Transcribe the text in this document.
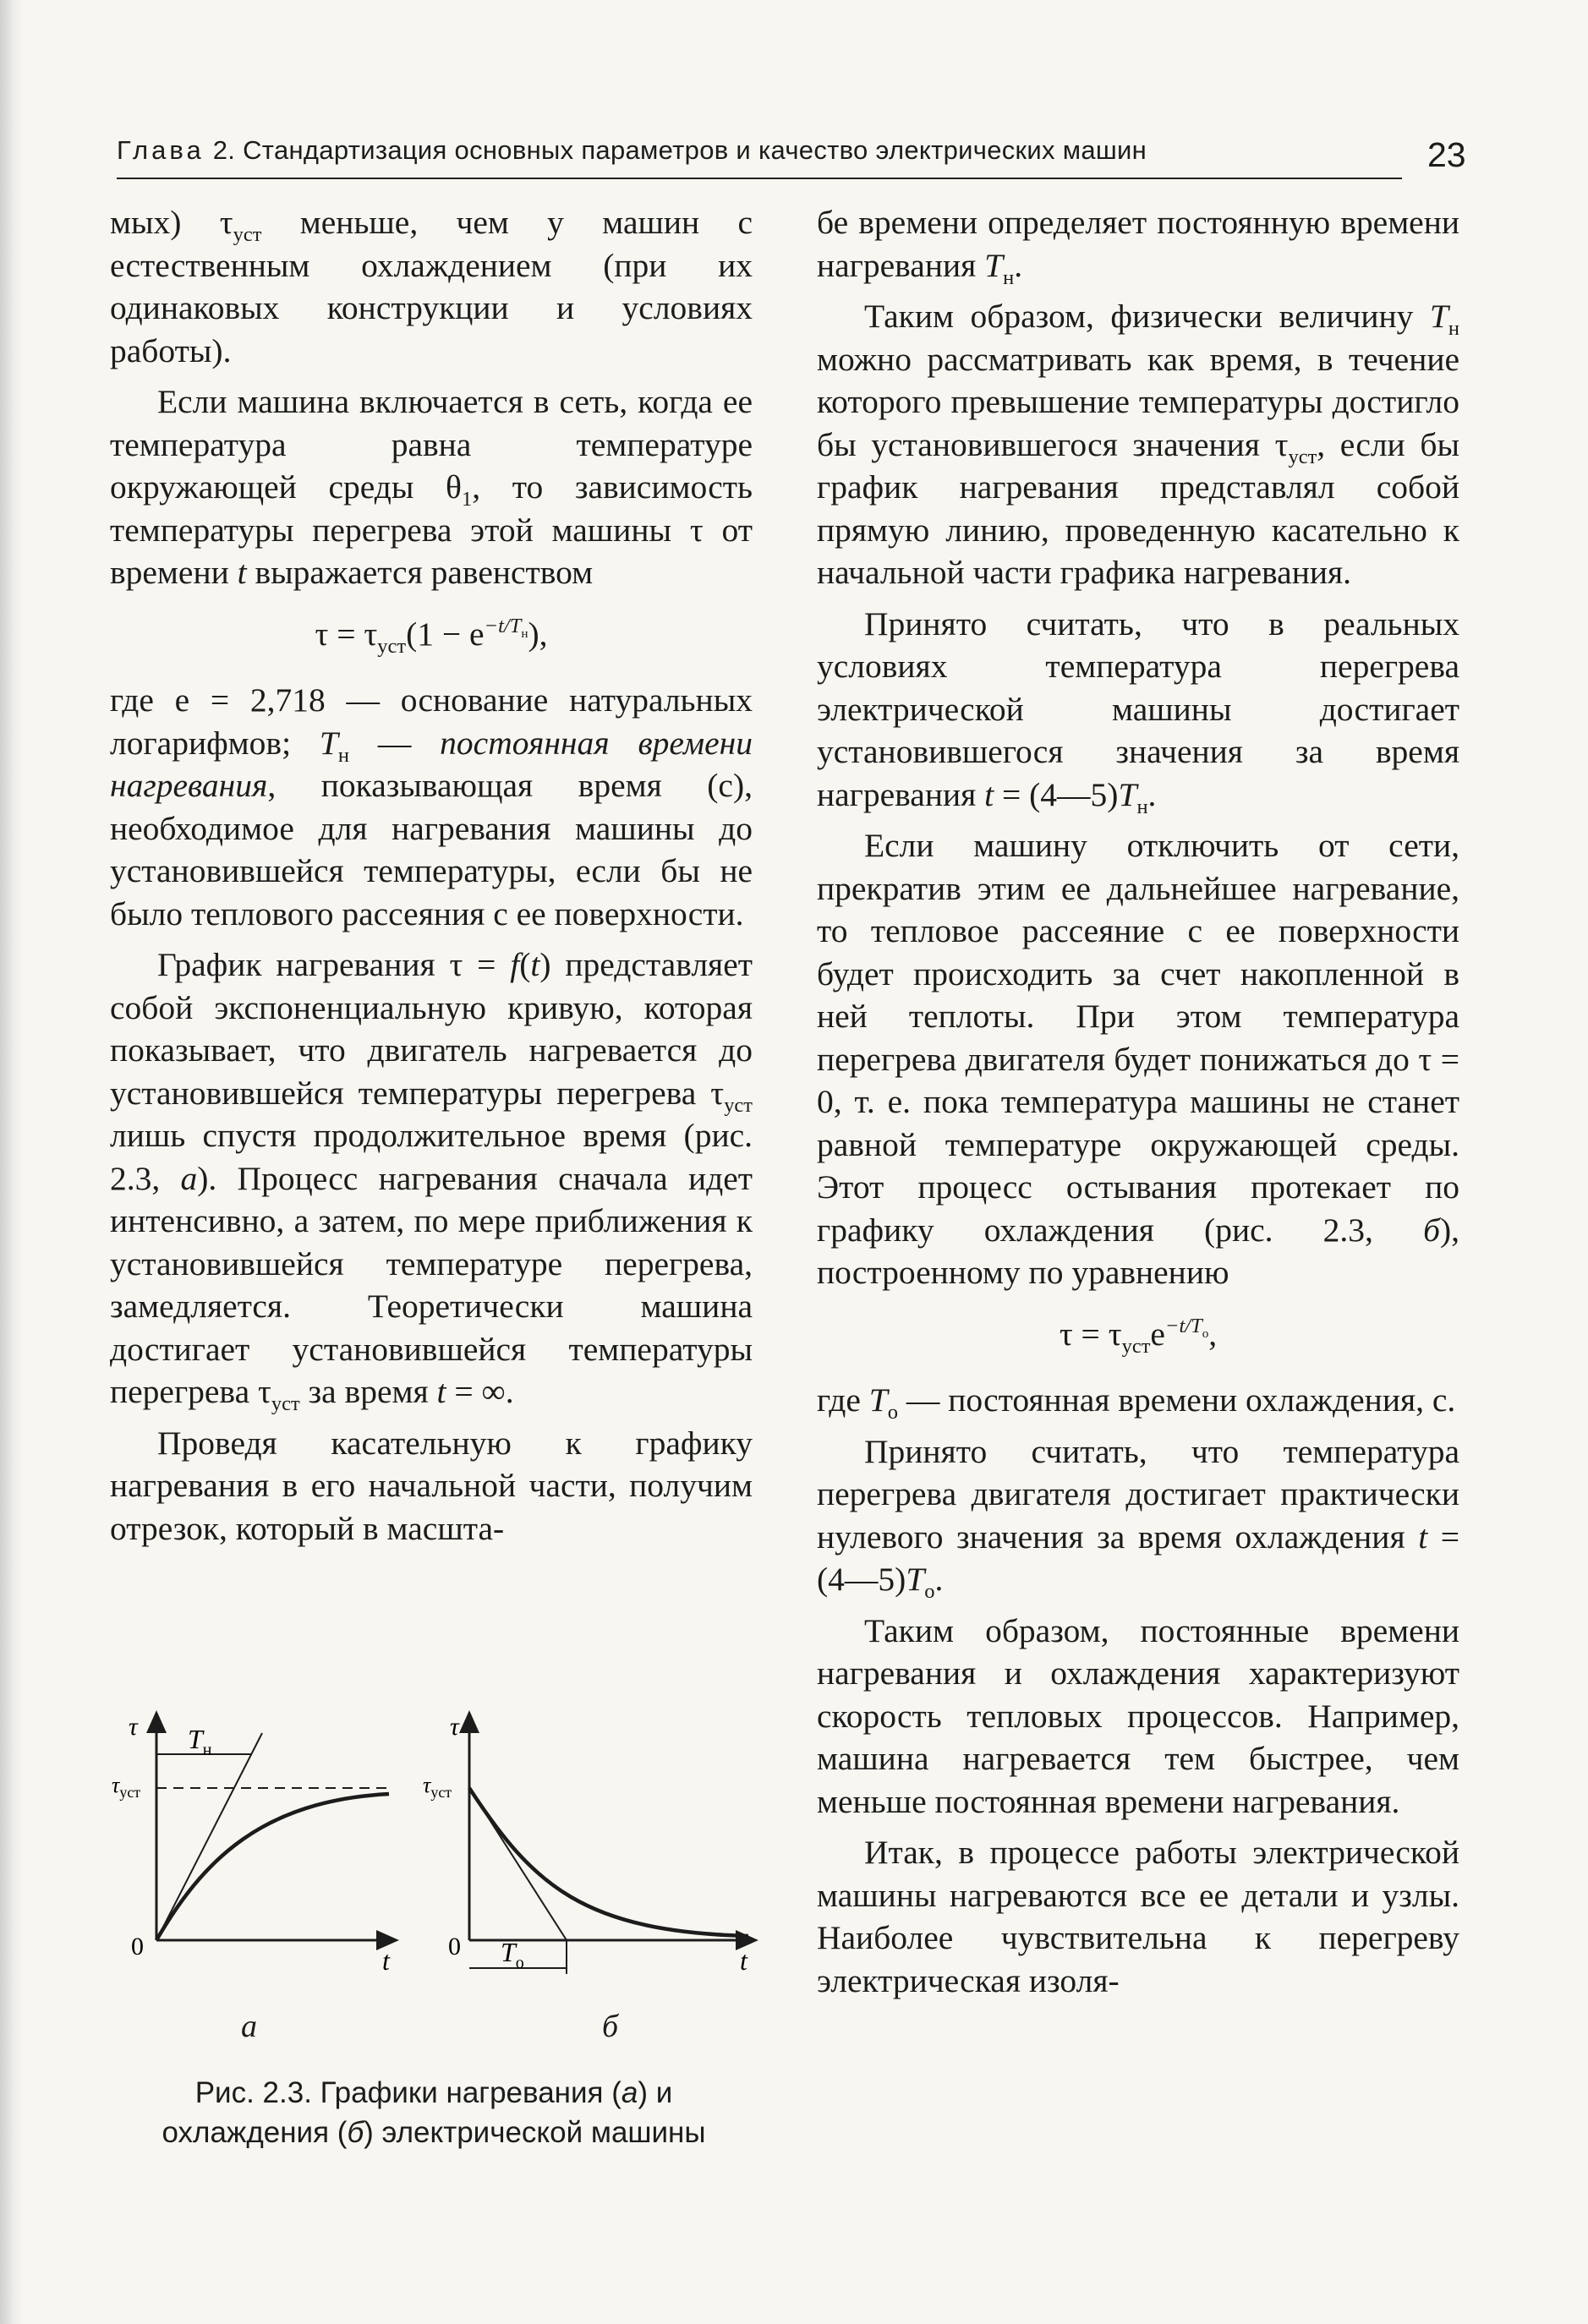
Глава 2. Стандартизация основных параметров и качество электрических машин	23

мых) $\tau_{уст}$ меньше, чем у машин с естественным охлаждением (при их одинаковых конструкции и условиях работы).

Если машина включается в сеть, когда ее температура равна температуре окружающей среды $\theta_1$, то зависимость температуры перегрева этой машины τ от времени t выражается равенством

$\tau = \tau_{уст}(1 - e^{-t/T_н})$,

где e = 2,718 — основание натуральных логарифмов; $T_н$ — постоянная времени нагревания, показывающая время (с), необходимое для нагревания машины до установившейся температуры, если бы не было теплового рассеяния с ее поверхности.

График нагревания τ = f(t) представляет собой экспоненциальную кривую, которая показывает, что двигатель нагревается до установившейся температуры перегрева $\tau_{уст}$ лишь спустя продолжительное время (рис. 2.3, а). Процесс нагревания сначала идет интенсивно, а затем, по мере приближения к установившейся температуре перегрева, замедляется. Теоретически машина достигает установившейся температуры перегрева $\tau_{уст}$ за время t = ∞.

Проведя касательную к графику нагревания в его начальной части, получим отрезок, который в масшта-

τ
0	t
$\tau_{уст}$
$T_н$
τ
0	t
$\tau_{уст}$
$T_о$
а	б
Рис. 2.3. Графики нагревания (а) и охлаждения (б) электрической машины

бе времени определяет постоянную времени нагревания $T_н$.

Таким образом, физически величину $T_н$ можно рассматривать как время, в течение которого превышение температуры достигло бы установившегося значения $\tau_{уст}$, если бы график нагревания представлял собой прямую линию, проведенную касательно к начальной части графика нагревания.

Принято считать, что в реальных условиях температура перегрева электрической машины достигает установившегося значения за время нагревания $t = (4—5)T_н$.

Если машину отключить от сети, прекратив этим ее дальнейшее нагревание, то тепловое рассеяние с ее поверхности будет происходить за счет накопленной в ней теплоты. При этом температура перегрева двигателя будет понижаться до τ = 0, т. е. пока температура машины не станет равной температуре окружающей среды. Этот процесс остывания протекает по графику охлаждения (рис. 2.3, б), построенному по уравнению

$\tau = \tau_{уст}e^{-t/T_о}$,

где $T_о$ — постоянная времени охлаждения, с.

Принято считать, что температура перегрева двигателя достигает практически нулевого значения за время охлаждения $t = (4—5)T_о$.

Таким образом, постоянные времени нагревания и охлаждения характеризуют скорость тепловых процессов. Например, машина нагревается тем быстрее, чем меньше постоянная времени нагревания.

Итак, в процессе работы электрической машины нагреваются все ее детали и узлы. Наиболее чувствительна к перегреву электрическая изоля-
